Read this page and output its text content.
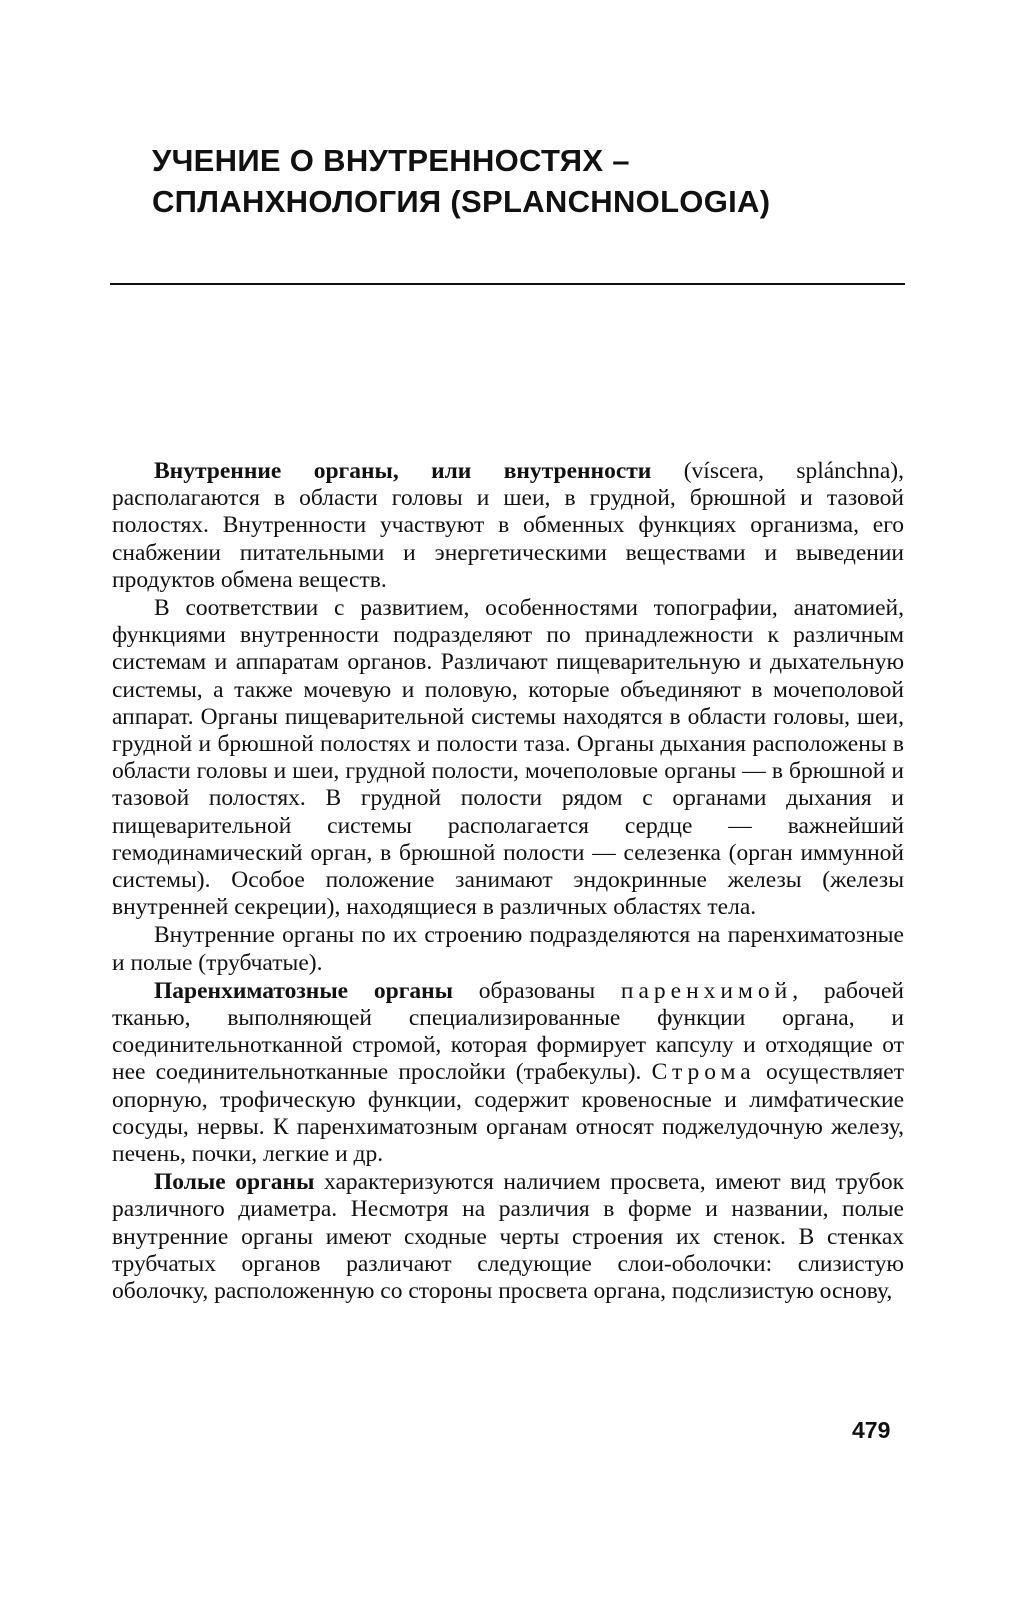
УЧЕНИЕ О ВНУТРЕННОСТЯХ –
СПЛАНХНОЛОГИЯ (SPLANCHNOLOGIA)

Внутренние органы, или внутренности (víscera, splánchna), располагаются в области головы и шеи, в грудной, брюшной и тазовой полостях. Внутренности участвуют в обменных функциях организма, его снабжении питательными и энергетическими веществами и выведении продуктов обмена веществ.

В соответствии с развитием, особенностями топографии, анатомией, функциями внутренности подразделяют по принадлежности к различным системам и аппаратам органов. Различают пищеварительную и дыхательную системы, а также мочевую и половую, которые объединяют в мочеполовой аппарат. Органы пищеварительной системы находятся в области головы, шеи, грудной и брюшной полостях и полости таза. Органы дыхания расположены в области головы и шеи, грудной полости, мочеполовые органы — в брюшной и тазовой полостях. В грудной полости рядом с органами дыхания и пищеварительной системы располагается сердце — важнейший гемодинамический орган, в брюшной полости — селезенка (орган иммунной системы). Особое положение занимают эндокринные железы (железы внутренней секреции), находящиеся в различных областях тела.

Внутренние органы по их строению подразделяются на паренхиматозные и полые (трубчатые).

Паренхиматозные органы образованы паренхимой, рабочей тканью, выполняющей специализированные функции органа, и соединительнотканной стромой, которая формирует капсулу и отходящие от нее соединительнотканные прослойки (трабекулы). Строма осуществляет опорную, трофическую функции, содержит кровеносные и лимфатические сосуды, нервы. К паренхиматозным органам относят поджелудочную железу, печень, почки, легкие и др.

Полые органы характеризуются наличием просвета, имеют вид трубок различного диаметра. Несмотря на различия в форме и названии, полые внутренние органы имеют сходные черты строения их стенок. В стенках трубчатых органов различают следующие слои-оболочки: слизистую оболочку, расположенную со стороны просвета органа, подслизистую основу,

479
